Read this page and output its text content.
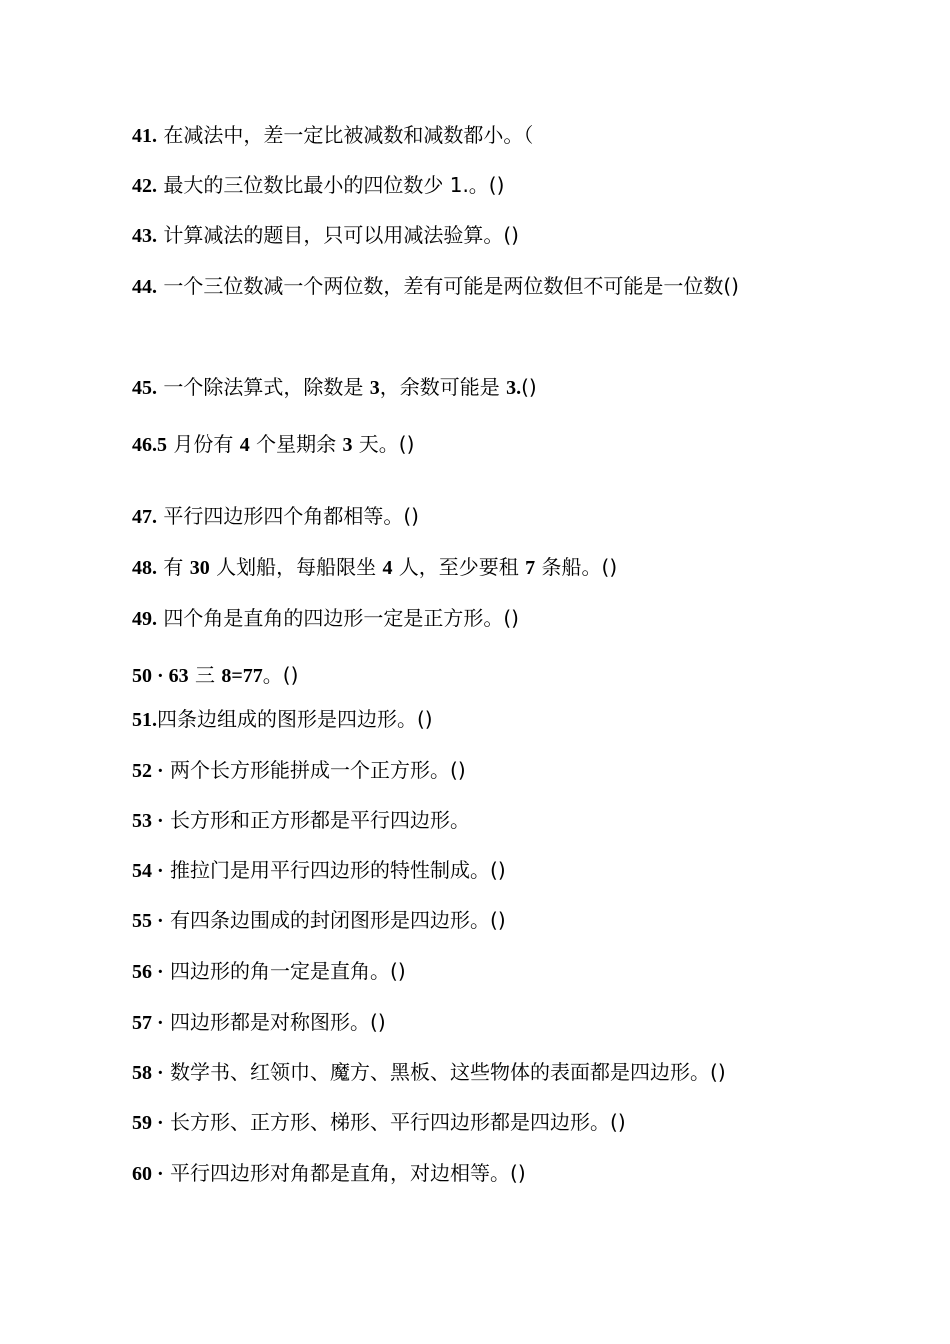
41. 在减法中，差一定比被减数和减数都小。（
42. 最大的三位数比最小的四位数少 1.。()
43. 计算减法的题目，只可以用减法验算。()
44. 一个三位数减一个两位数，差有可能是两位数但不可能是一位数()
45. 一个除法算式，除数是 3，余数可能是 3.()
46.5 月份有 4 个星期余 3 天。()
47. 平行四边形四个角都相等。()
48. 有 30 人划船，每船限坐 4 人，至少要租 7 条船。()
49. 四个角是直角的四边形一定是正方形。()
50 · 63 三 8=77。()
51.四条边组成的图形是四边形。()
52 · 两个长方形能拼成一个正方形。()
53 · 长方形和正方形都是平行四边形。
54 · 推拉门是用平行四边形的特性制成。()
55 · 有四条边围成的封闭图形是四边形。()
56 · 四边形的角一定是直角。()
57 · 四边形都是对称图形。()
58 · 数学书、红领巾、魔方、黑板、这些物体的表面都是四边形。()
59 · 长方形、正方形、梯形、平行四边形都是四边形。()
60 · 平行四边形对角都是直角，对边相等。()
